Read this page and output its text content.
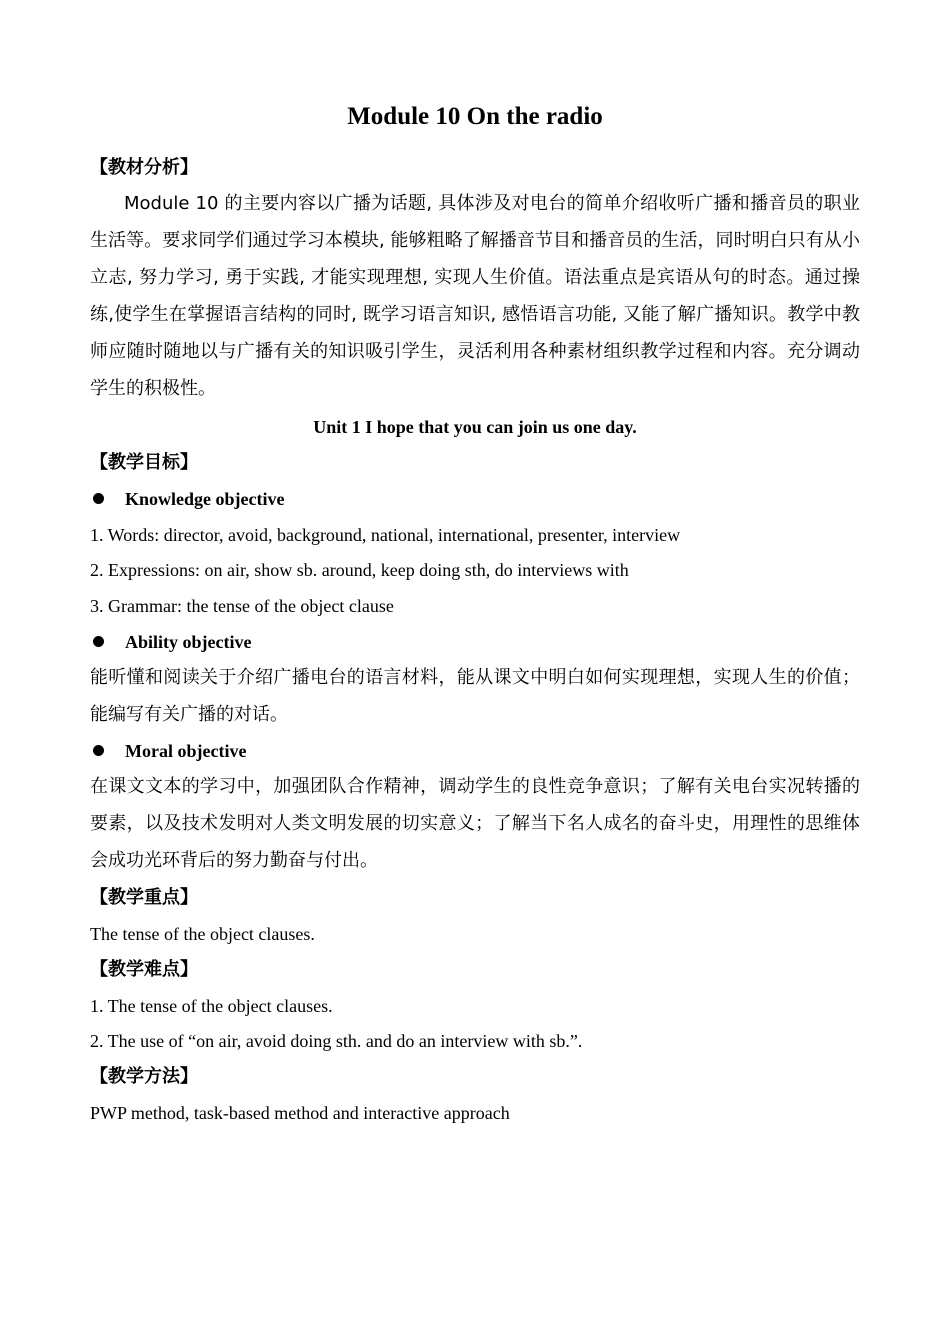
Module 10 On the radio
【教材分析】
Module 10 的主要内容以广播为话题, 具体涉及对电台的简单介绍收听广播和播音员的职业生活等。要求同学们通过学习本模块, 能够粗略了解播音节目和播音员的生活，同时明白只有从小立志, 努力学习, 勇于实践, 才能实现理想, 实现人生价值。语法重点是宾语从句的时态。通过操练,使学生在掌握语言结构的同时, 既学习语言知识, 感悟语言功能, 又能了解广播知识。教学中教师应随时随地以与广播有关的知识吸引学生，灵活利用各种素材组织教学过程和内容。充分调动学生的积极性。
Unit 1 I hope that you can join us one day.
【教学目标】
Knowledge objective
1. Words: director, avoid, background, national, international, presenter, interview
2. Expressions: on air, show sb. around, keep doing sth, do interviews with
3. Grammar: the tense of the object clause
Ability objective
能听懂和阅读关于介绍广播电台的语言材料，能从课文中明白如何实现理想，实现人生的价值；能编写有关广播的对话。
Moral objective
在课文文本的学习中，加强团队合作精神，调动学生的良性竞争意识；了解有关电台实况转播的要素，以及技术发明对人类文明发展的切实意义；了解当下名人成名的奋斗史，用理性的思维体会成功光环背后的努力勤奋与付出。
【教学重点】
The tense of the object clauses.
【教学难点】
1. The tense of the object clauses.
2. The use of “on air, avoid doing sth. and do an interview with sb.”.
【教学方法】
PWP method, task-based method and interactive approach
